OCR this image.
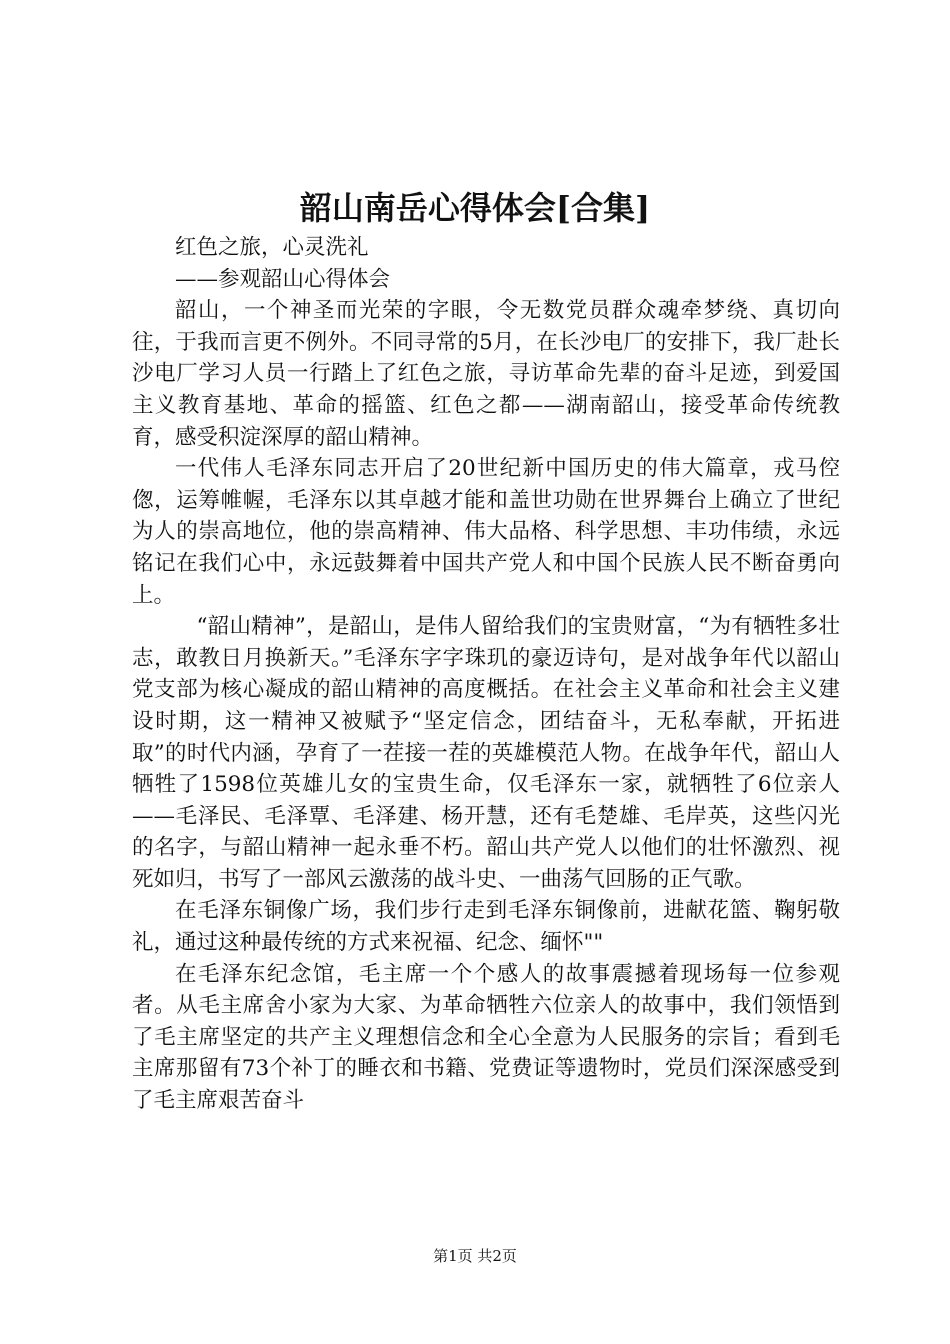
韶山南岳心得体会[合集]

红色之旅，心灵洗礼

——参观韶山心得体会

韶山，一个神圣而光荣的字眼，令无数党员群众魂牵梦绕、真切向往，于我而言更不例外。不同寻常的5月，在长沙电厂的安排下，我厂赴长沙电厂学习人员一行踏上了红色之旅，寻访革命先辈的奋斗足迹，到爱国主义教育基地、革命的摇篮、红色之都——湖南韶山，接受革命传统教育，感受积淀深厚的韶山精神。

一代伟人毛泽东同志开启了20世纪新中国历史的伟大篇章，戎马倥偬，运筹帷幄，毛泽东以其卓越才能和盖世功勋在世界舞台上确立了世纪为人的崇高地位，他的崇高精神、伟大品格、科学思想、丰功伟绩，永远铭记在我们心中，永远鼓舞着中国共产党人和中国个民族人民不断奋勇向上。

“韶山精神”，是韶山，是伟人留给我们的宝贵财富，“为有牺牲多壮志，敢教日月换新天。”毛泽东字字珠玑的豪迈诗句，是对战争年代以韶山党支部为核心凝成的韶山精神的高度概括。在社会主义革命和社会主义建设时期，这一精神又被赋予“坚定信念，团结奋斗，无私奉献，开拓进取”的时代内涵，孕育了一茬接一茬的英雄模范人物。在战争年代，韶山人牺牲了1598位英雄儿女的宝贵生命，仅毛泽东一家，就牺牲了6位亲人——毛泽民、毛泽覃、毛泽建、杨开慧，还有毛楚雄、毛岸英，这些闪光的名字，与韶山精神一起永垂不朽。韶山共产党人以他们的壮怀激烈、视死如归，书写了一部风云激荡的战斗史、一曲荡气回肠的正气歌。

在毛泽东铜像广场，我们步行走到毛泽东铜像前，进献花篮、鞠躬敬礼，通过这种最传统的方式来祝福、纪念、缅怀""

在毛泽东纪念馆，毛主席一个个感人的故事震撼着现场每一位参观者。从毛主席舍小家为大家、为革命牺牲六位亲人的故事中，我们领悟到了毛主席坚定的共产主义理想信念和全心全意为人民服务的宗旨；看到毛主席那留有73个补丁的睡衣和书籍、党费证等遗物时，党员们深深感受到了毛主席艰苦奋斗

第1页 共2页
